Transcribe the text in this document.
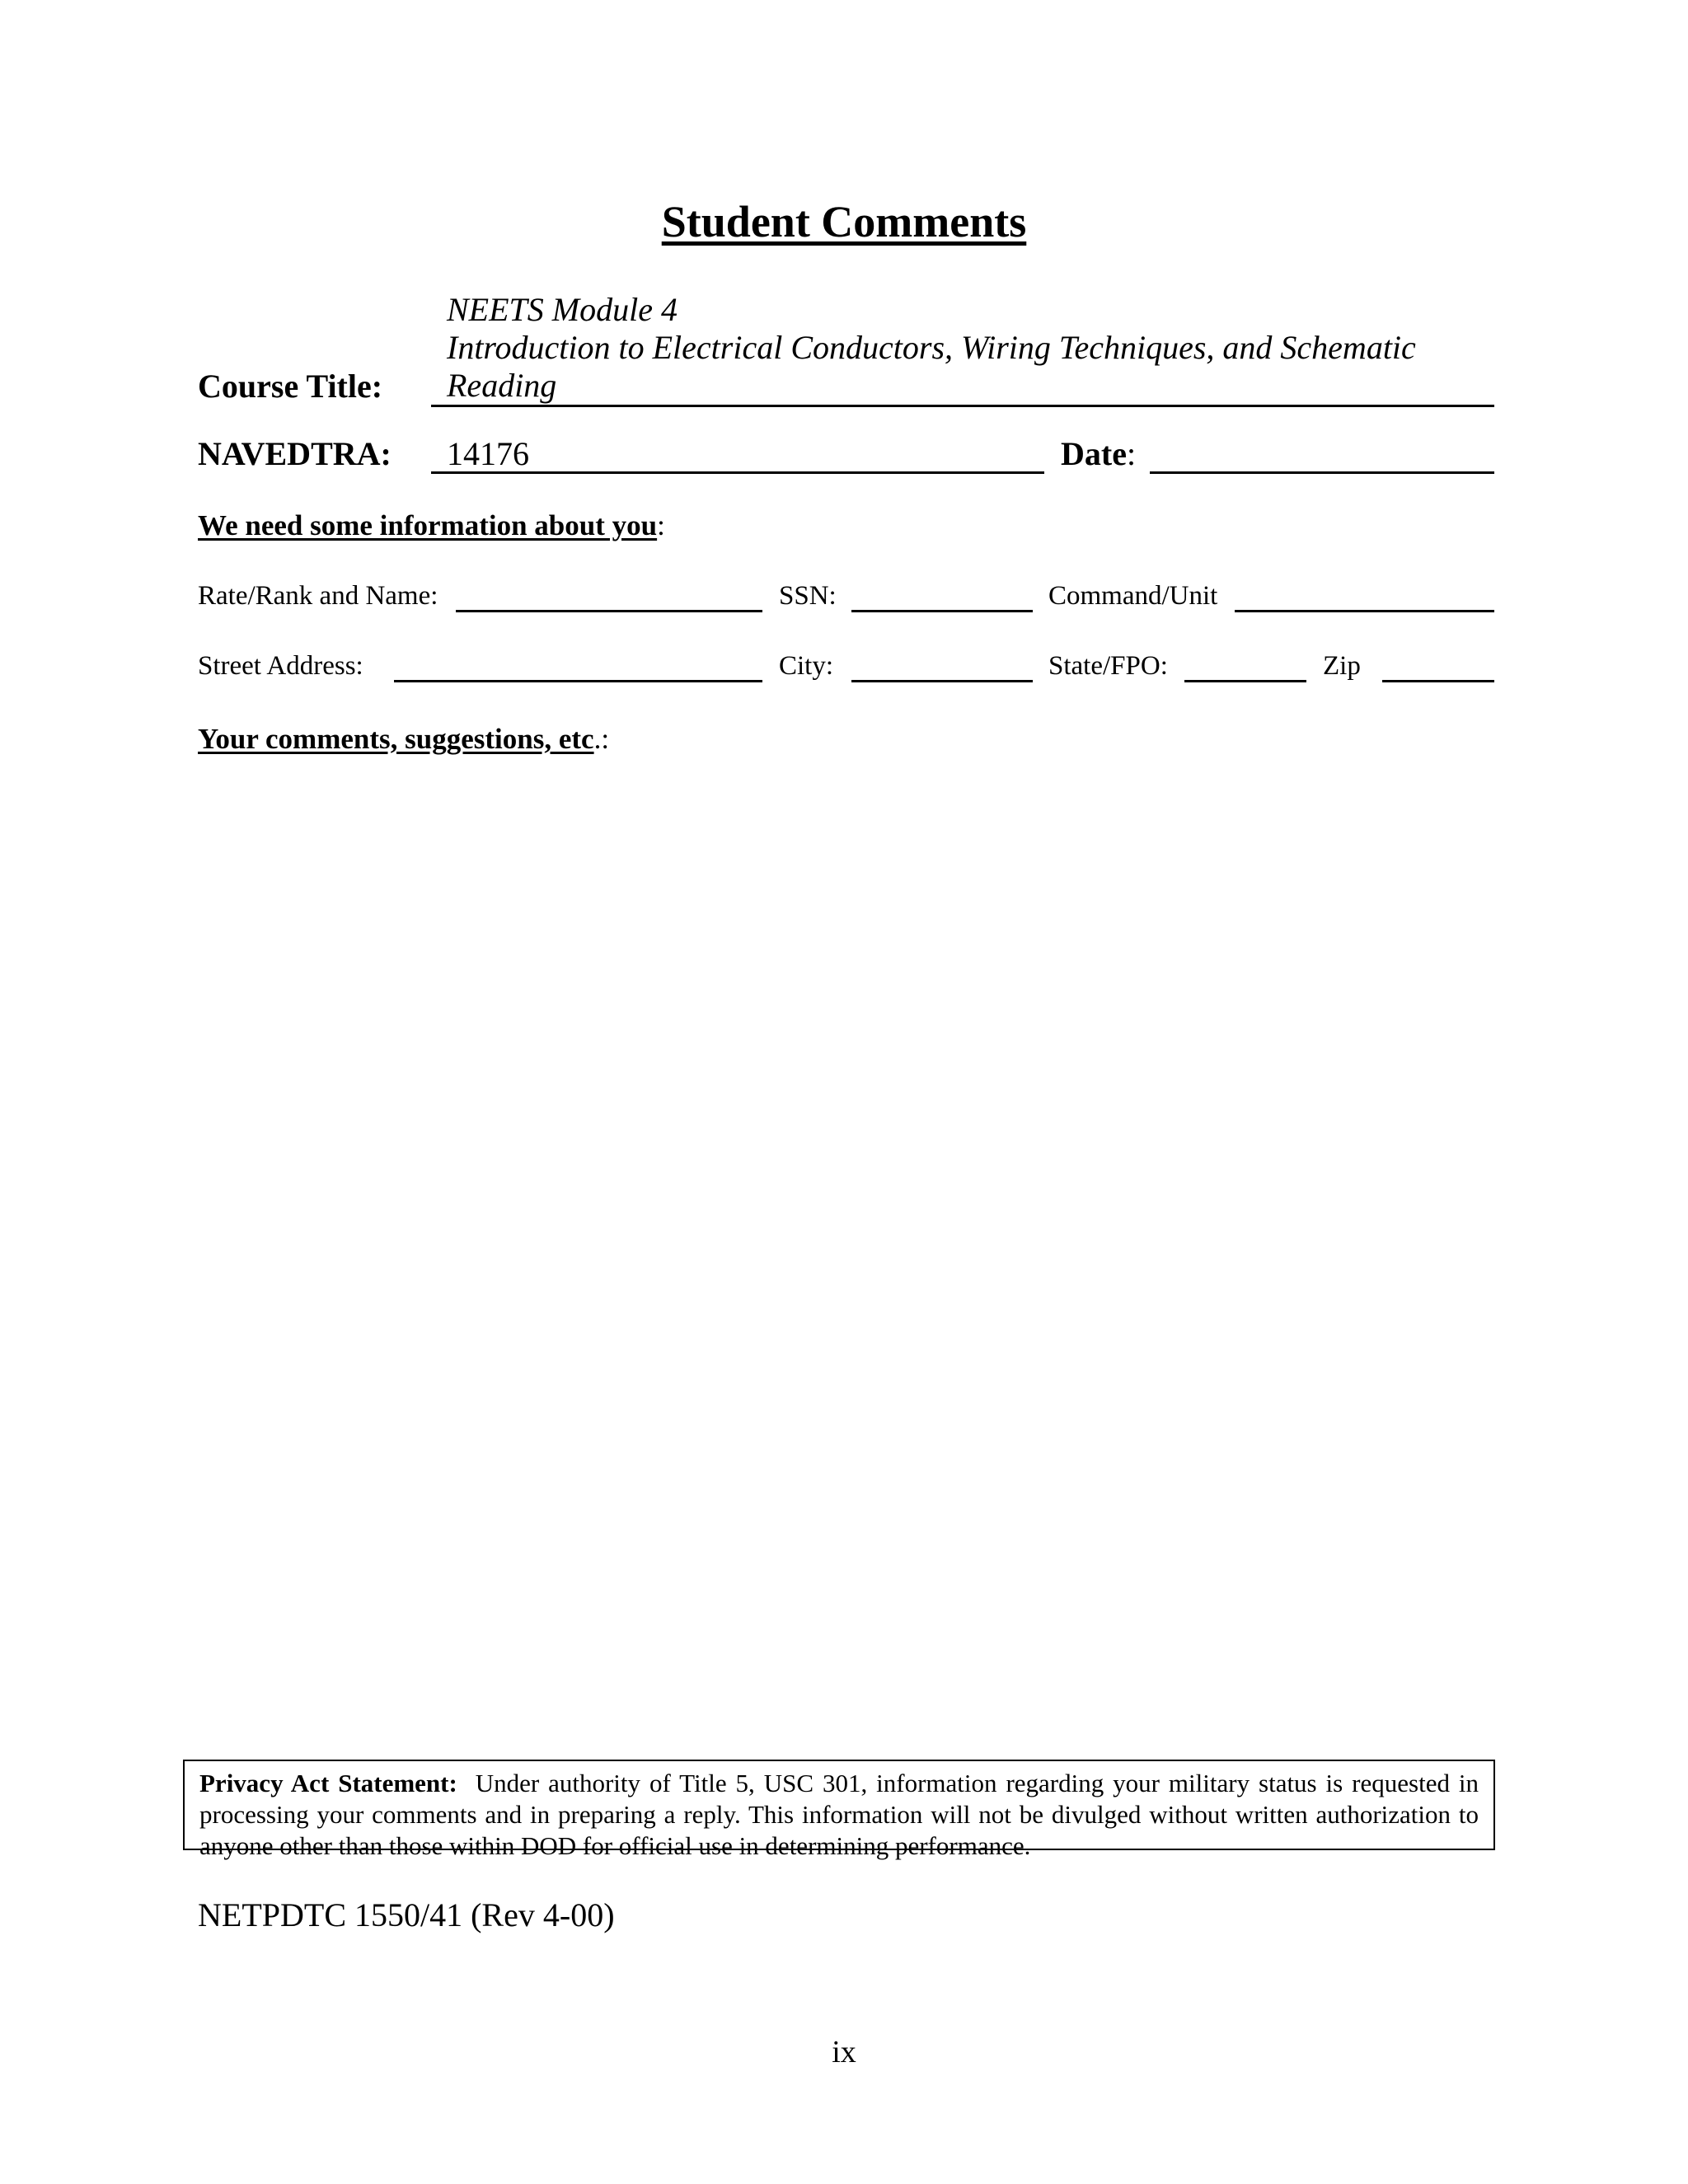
Student Comments
NEETS Module 4
Introduction to Electrical Conductors, Wiring Techniques, and Schematic
Reading
Course Title:
NAVEDTRA: 14176	Date:
We need some information about you:
Rate/Rank and Name:	SSN:	Command/Unit
Street Address:	City:	State/FPO:	Zip
Your comments, suggestions, etc.:
Privacy Act Statement: Under authority of Title 5, USC 301, information regarding your military status is requested in processing your comments and in preparing a reply. This information will not be divulged without written authorization to anyone other than those within DOD for official use in determining performance.
NETPDTC 1550/41 (Rev 4-00)
ix
